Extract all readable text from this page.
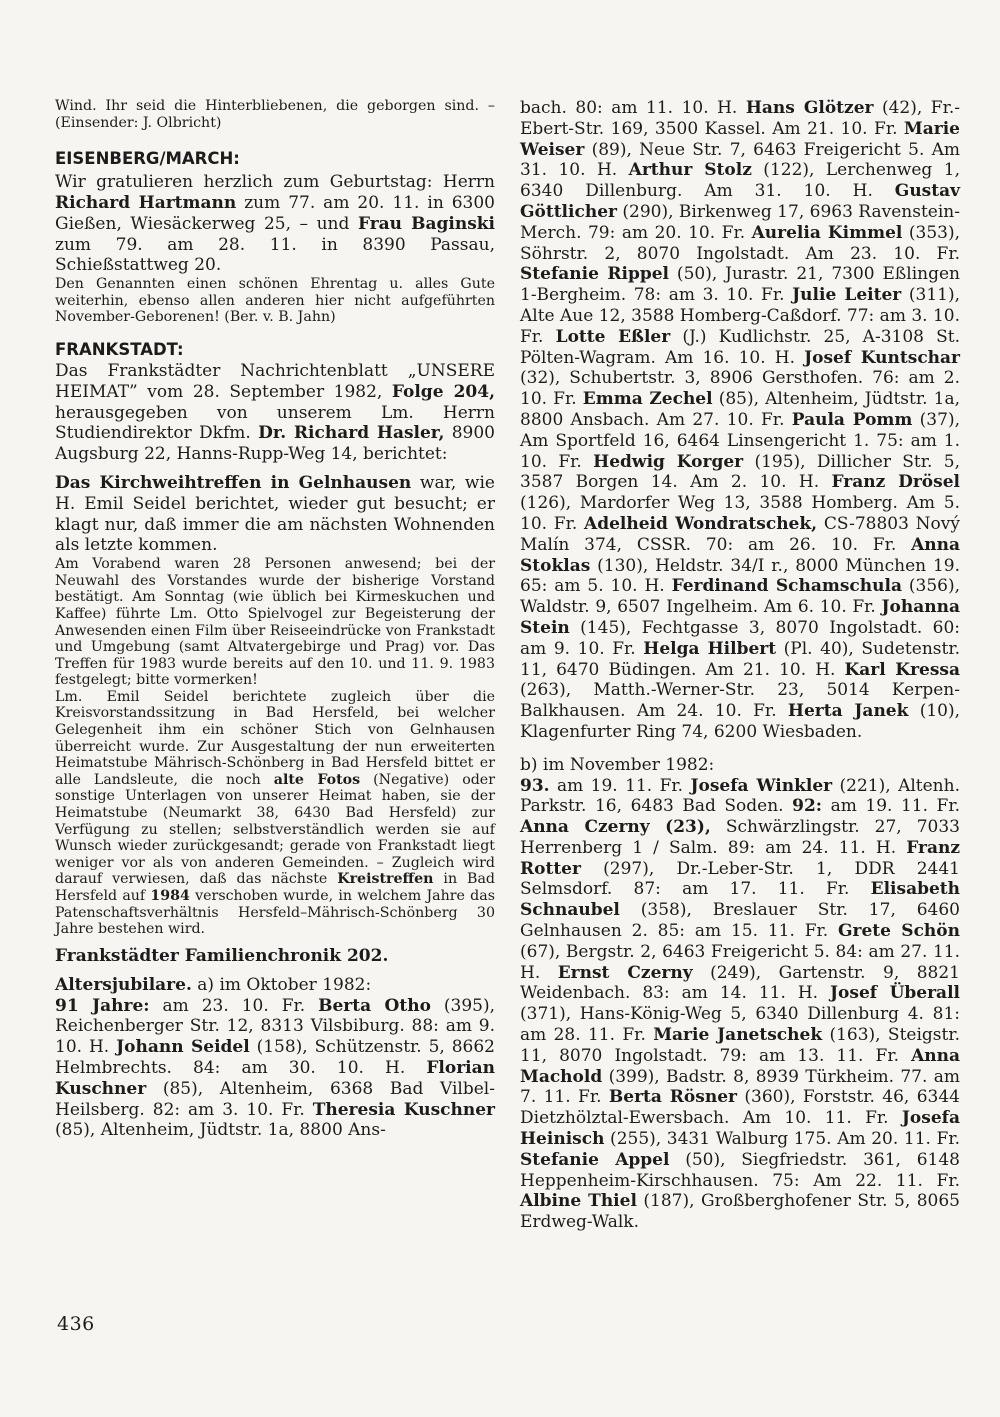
Wind. Ihr seid die Hinterbliebenen, die geborgen sind. – (Einsender: J. Olbricht)

EISENBERG/MARCH:

Wir gratulieren herzlich zum Geburtstag: Herrn Richard Hartmann zum 77. am 20. 11. in 6300 Gießen, Wiesäckerweg 25, – und Frau Baginski zum 79. am 28. 11. in 8390 Passau, Schießstattweg 20.

Den Genannten einen schönen Ehrentag u. alles Gute weiterhin, ebenso allen anderen hier nicht aufgeführten November-Geborenen! (Ber. v. B. Jahn)

FRANKSTADT:

Das Frankstädter Nachrichtenblatt „UNSERE HEIMAT” vom 28. September 1982, Folge 204, herausgegeben von unserem Lm. Herrn Studiendirektor Dkfm. Dr. Richard Hasler, 8900 Augsburg 22, Hanns-Rupp-Weg 14, berichtet:

Das Kirchweihtreffen in Gelnhausen war, wie H. Emil Seidel berichtet, wieder gut besucht; er klagt nur, daß immer die am nächsten Wohnenden als letzte kommen.

Am Vorabend waren 28 Personen anwesend; bei der Neuwahl des Vorstandes wurde der bisherige Vorstand bestätigt. Am Sonntag (wie üblich bei Kirmeskuchen und Kaffee) führte Lm. Otto Spielvogel zur Begeisterung der Anwesenden einen Film über Reiseeindrücke von Frankstadt und Umgebung (samt Altvatergebirge und Prag) vor. Das Treffen für 1983 wurde bereits auf den 10. und 11. 9. 1983 festgelegt; bitte vormerken!

Lm. Emil Seidel berichtete zugleich über die Kreisvorstandssitzung in Bad Hersfeld, bei welcher Gelegenheit ihm ein schöner Stich von Gelnhausen überreicht wurde. Zur Ausgestaltung der nun erweiterten Heimatstube Mährisch-Schönberg in Bad Hersfeld bittet er alle Landsleute, die noch alte Fotos (Negative) oder sonstige Unterlagen von unserer Heimat haben, sie der Heimatstube (Neumarkt 38, 6430 Bad Hersfeld) zur Verfügung zu stellen; selbstverständlich werden sie auf Wunsch wieder zurückgesandt; gerade von Frankstadt liegt weniger vor als von anderen Gemeinden. – Zugleich wird darauf verwiesen, daß das nächste Kreistreffen in Bad Hersfeld auf 1984 verschoben wurde, in welchem Jahre das Patenschaftsverhältnis Hersfeld–Mährisch-Schönberg 30 Jahre bestehen wird.

Frankstädter Familienchronik 202.

Altersjubilare. a) im Oktober 1982:

91 Jahre: am 23. 10. Fr. Berta Otho (395), Reichenberger Str. 12, 8313 Vilsbiburg. 88: am 9. 10. H. Johann Seidel (158), Schützenstr. 5, 8662 Helmbrechts. 84: am 30. 10. H. Florian Kuschner (85), Altenheim, 6368 Bad Vilbel-Heilsberg. 82: am 3. 10. Fr. Theresia Kuschner (85), Altenheim, Jüdtstr. 1a, 8800 Ans-

bach. 80: am 11. 10. H. Hans Glötzer (42), Fr.-Ebert-Str. 169, 3500 Kassel. Am 21. 10. Fr. Marie Weiser (89), Neue Str. 7, 6463 Freigericht 5. Am 31. 10. H. Arthur Stolz (122), Lerchenweg 1, 6340 Dillenburg. Am 31. 10. H. Gustav Göttlicher (290), Birkenweg 17, 6963 Ravenstein-Merch. 79: am 20. 10. Fr. Aurelia Kimmel (353), Söhrstr. 2, 8070 Ingolstadt. Am 23. 10. Fr. Stefanie Rippel (50), Jurastr. 21, 7300 Eßlingen 1-Bergheim. 78: am 3. 10. Fr. Julie Leiter (311), Alte Aue 12, 3588 Homberg-Caßdorf. 77: am 3. 10. Fr. Lotte Eßler (J.) Kudlichstr. 25, A-3108 St. Pölten-Wagram. Am 16. 10. H. Josef Kuntschar (32), Schubertstr. 3, 8906 Gersthofen. 76: am 2. 10. Fr. Emma Zechel (85), Altenheim, Jüdtstr. 1a, 8800 Ansbach. Am 27. 10. Fr. Paula Pomm (37), Am Sportfeld 16, 6464 Linsengericht 1. 75: am 1. 10. Fr. Hedwig Korger (195), Dillicher Str. 5, 3587 Borgen 14. Am 2. 10. H. Franz Drösel (126), Mardorfer Weg 13, 3588 Homberg. Am 5. 10. Fr. Adelheid Wondratschek, CS-78803 Nový Malín 374, CSSR. 70: am 26. 10. Fr. Anna Stoklas (130), Heldstr. 34/I r., 8000 München 19. 65: am 5. 10. H. Ferdinand Schamschula (356), Waldstr. 9, 6507 Ingelheim. Am 6. 10. Fr. Johanna Stein (145), Fechtgasse 3, 8070 Ingolstadt. 60: am 9. 10. Fr. Helga Hilbert (Pl. 40), Sudetenstr. 11, 6470 Büdingen. Am 21. 10. H. Karl Kressa (263), Matth.-Werner-Str. 23, 5014 Kerpen-Balkhausen. Am 24. 10. Fr. Herta Janek (10), Klagenfurter Ring 74, 6200 Wiesbaden.

b) im November 1982:

93. am 19. 11. Fr. Josefa Winkler (221), Altenh. Parkstr. 16, 6483 Bad Soden. 92: am 19. 11. Fr. Anna Czerny (23), Schwärzlingstr. 27, 7033 Herrenberg 1 / Salm. 89: am 24. 11. H. Franz Rotter (297), Dr.-Leber-Str. 1, DDR 2441 Selmsdorf. 87: am 17. 11. Fr. Elisabeth Schnaubel (358), Breslauer Str. 17, 6460 Gelnhausen 2. 85: am 15. 11. Fr. Grete Schön (67), Bergstr. 2, 6463 Freigericht 5. 84: am 27. 11. H. Ernst Czerny (249), Gartenstr. 9, 8821 Weidenbach. 83: am 14. 11. H. Josef Überall (371), Hans-König-Weg 5, 6340 Dillenburg 4. 81: am 28. 11. Fr. Marie Janetschek (163), Steigstr. 11, 8070 Ingolstadt. 79: am 13. 11. Fr. Anna Machold (399), Badstr. 8, 8939 Türkheim. 77. am 7. 11. Fr. Berta Rösner (360), Forststr. 46, 6344 Dietzhölztal-Ewersbach. Am 10. 11. Fr. Josefa Heinisch (255), 3431 Walburg 175. Am 20. 11. Fr. Stefanie Appel (50), Siegfriedstr. 361, 6148 Heppenheim-Kirschhausen. 75: Am 22. 11. Fr. Albine Thiel (187), Großberghofener Str. 5, 8065 Erdweg-Walk.

436
